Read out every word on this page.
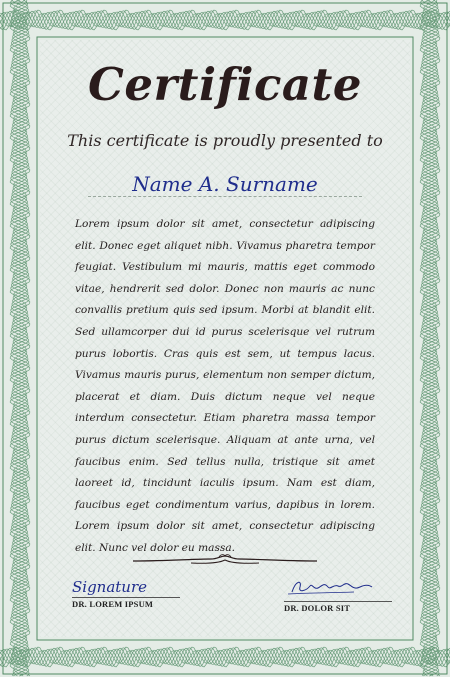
Certificate
This certificate is proudly presented to
Name A. Surname

Lorem ipsum dolor sit amet, consectetur adipiscing elit. Donec eget aliquet nibh. Vivamus pharetra tempor feugiat. Vestibulum mi mauris, mattis eget commodo vitae, hendrerit sed dolor. Donec non mauris ac nunc convallis pretium quis sed ipsum. Morbi at blandit elit. Sed ullamcorper dui id purus scelerisque vel rutrum purus lobortis. Cras quis est sem, ut tempus lacus. Vivamus mauris purus, elementum non semper dictum, placerat et diam. Duis dictum neque vel neque interdum consectetur. Etiam pharetra massa tempor purus dictum scelerisque. Aliquam at ante urna, vel faucibus enim. Sed tellus nulla, tristique sit amet laoreet id, tincidunt iaculis ipsum. Nam est diam, faucibus eget condimentum varius, dapibus in lorem. Lorem ipsum dolor sit amet, consectetur adipiscing elit. Nunc vel dolor eu massa.

Signature
DR. LOREM IPSUM	DR. DOLOR SIT
